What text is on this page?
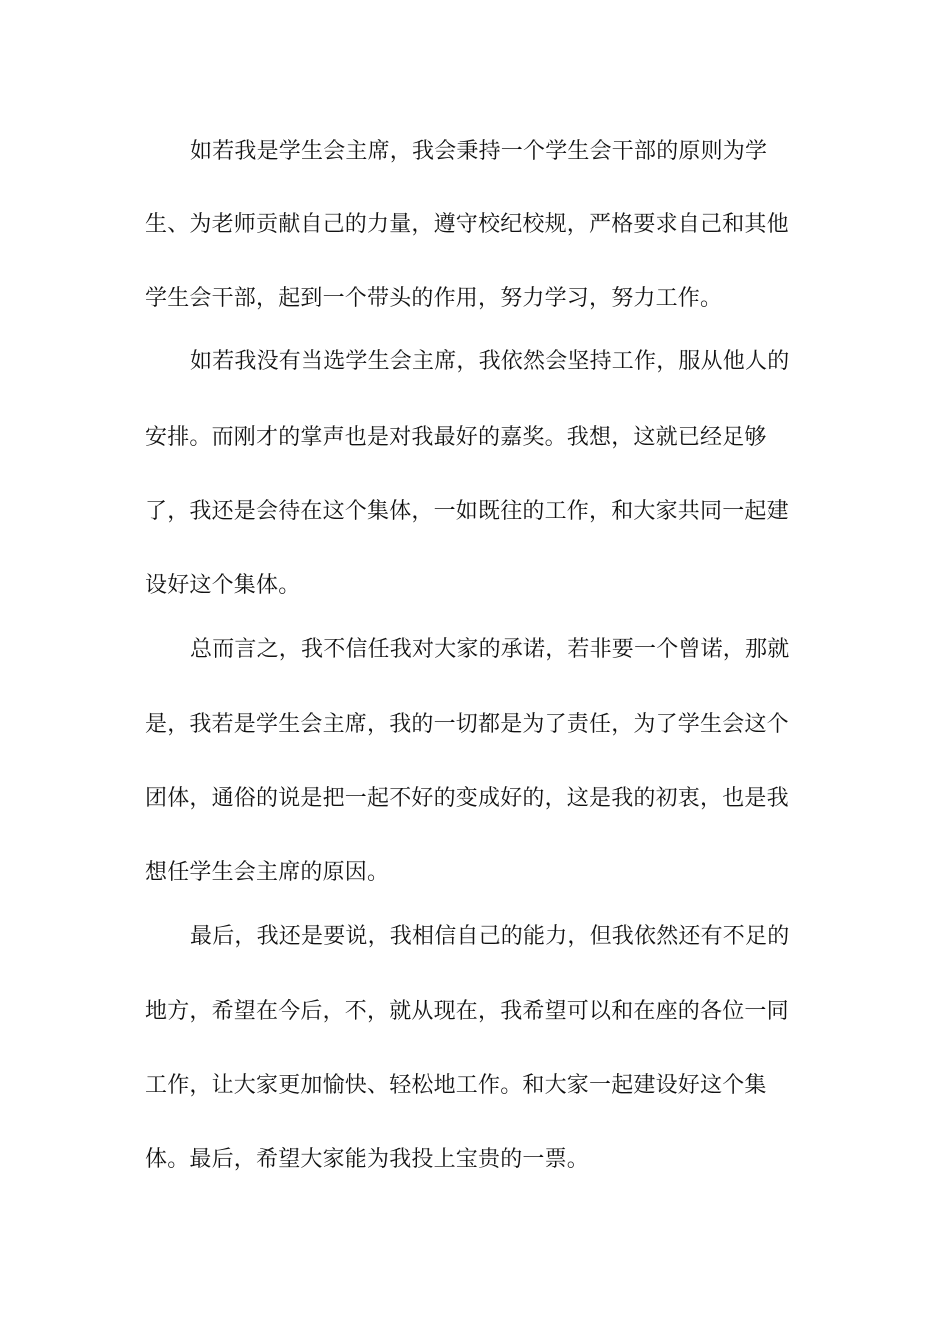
如若我是学生会主席，我会秉持一个学生会干部的原则为学
生、为老师贡献自己的力量，遵守校纪校规，严格要求自己和其他
学生会干部，起到一个带头的作用，努力学习，努力工作。
如若我没有当选学生会主席，我依然会坚持工作，服从他人的
安排。而刚才的掌声也是对我最好的嘉奖。我想，这就已经足够
了，我还是会待在这个集体，一如既往的工作，和大家共同一起建
设好这个集体。
总而言之，我不信任我对大家的承诺，若非要一个曾诺，那就
是，我若是学生会主席，我的一切都是为了责任，为了学生会这个
团体，通俗的说是把一起不好的变成好的，这是我的初衷，也是我
想任学生会主席的原因。
最后，我还是要说，我相信自己的能力，但我依然还有不足的
地方，希望在今后，不，就从现在，我希望可以和在座的各位一同
工作，让大家更加愉快、轻松地工作。和大家一起建设好这个集
体。最后，希望大家能为我投上宝贵的一票。
